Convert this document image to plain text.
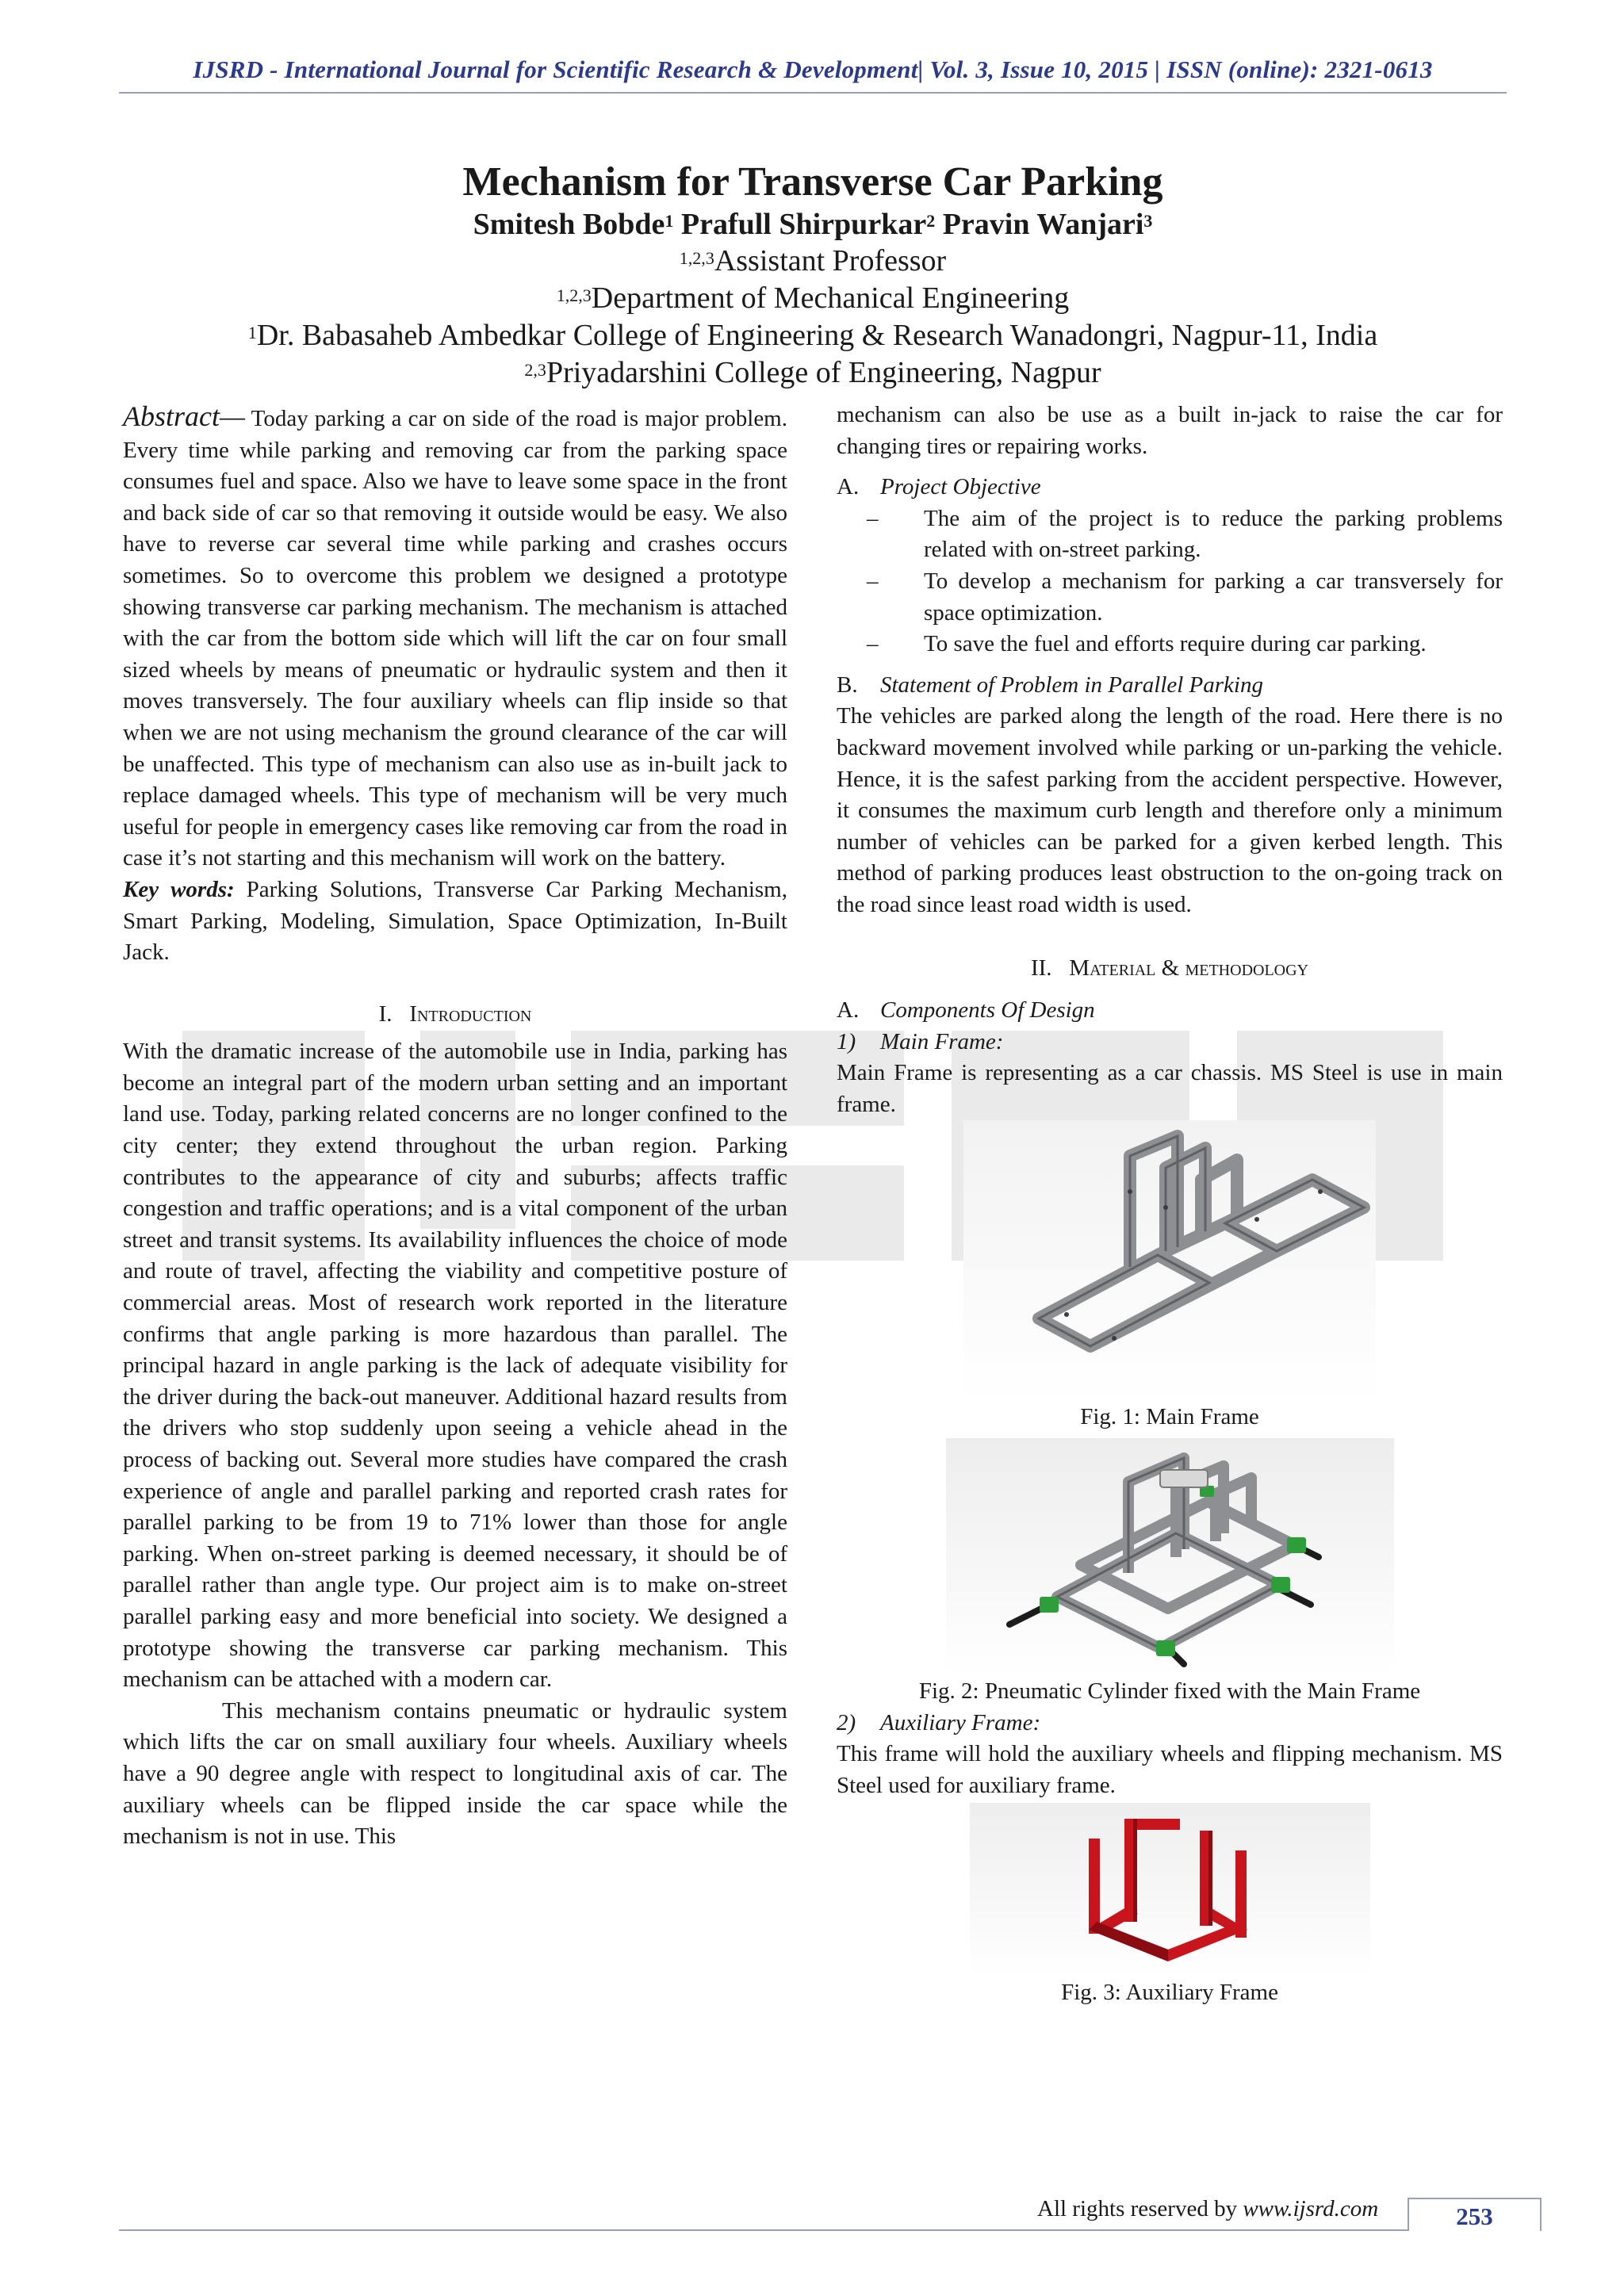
IJSRD - International Journal for Scientific Research & Development| Vol. 3, Issue 10, 2015 | ISSN (online): 2321-0613
Mechanism for Transverse Car Parking
Smitesh Bobde$^1$ Prafull Shirpurkar$^2$ Pravin Wanjari$^3$
$^{1,2,3}$Assistant Professor
$^{1,2,3}$Department of Mechanical Engineering
$^1$Dr. Babasaheb Ambedkar College of Engineering & Research Wanadongri, Nagpur-11, India
$^{2,3}$Priyadarshini College of Engineering, Nagpur

Abstract— Today parking a car on side of the road is major problem. Every time while parking and removing car from the parking space consumes fuel and space. Also we have to leave some space in the front and back side of car so that removing it outside would be easy. We also have to reverse car several time while parking and crashes occurs sometimes. So to overcome this problem we designed a prototype showing transverse car parking mechanism. The mechanism is attached with the car from the bottom side which will lift the car on four small sized wheels by means of pneumatic or hydraulic system and then it moves transversely. The four auxiliary wheels can flip inside so that when we are not using mechanism the ground clearance of the car will be unaffected. This type of mechanism can also use as in-built jack to replace damaged wheels. This type of mechanism will be very much useful for people in emergency cases like removing car from the road in case it’s not starting and this mechanism will work on the battery.

Key words: Parking Solutions, Transverse Car Parking Mechanism, Smart Parking, Modeling, Simulation, Space Optimization, In-Built Jack.

I. Introduction

With the dramatic increase of the automobile use in India, parking has become an integral part of the modern urban setting and an important land use. Today, parking related concerns are no longer confined to the city center; they extend throughout the urban region. Parking contributes to the appearance of city and suburbs; affects traffic congestion and traffic operations; and is a vital component of the urban street and transit systems. Its availability influences the choice of mode and route of travel, affecting the viability and competitive posture of commercial areas. Most of research work reported in the literature confirms that angle parking is more hazardous than parallel. The principal hazard in angle parking is the lack of adequate visibility for the driver during the back-out maneuver. Additional hazard results from the drivers who stop suddenly upon seeing a vehicle ahead in the process of backing out. Several more studies have compared the crash experience of angle and parallel parking and reported crash rates for parallel parking to be from 19 to 71% lower than those for angle parking. When on-street parking is deemed necessary, it should be of parallel rather than angle type. Our project aim is to make on-street parallel parking easy and more beneficial into society. We designed a prototype showing the transverse car parking mechanism. This mechanism can be attached with a modern car.

This mechanism contains pneumatic or hydraulic system which lifts the car on small auxiliary four wheels. Auxiliary wheels have a 90 degree angle with respect to longitudinal axis of car. The auxiliary wheels can be flipped inside the car space while the mechanism is not in use. This

mechanism can also be use as a built in-jack to raise the car for changing tires or repairing works.

A. Project Objective

–	The aim of the project is to reduce the parking problems related with on-street parking.
–	To develop a mechanism for parking a car transversely for space optimization.
–	To save the fuel and efforts require during car parking.

B. Statement of Problem in Parallel Parking

The vehicles are parked along the length of the road. Here there is no backward movement involved while parking or un-parking the vehicle. Hence, it is the safest parking from the accident perspective. However, it consumes the maximum curb length and therefore only a minimum number of vehicles can be parked for a given kerbed length. This method of parking produces least obstruction to the on-going track on the road since least road width is used.

II. Material & methodology

A. Components Of Design

1) Main Frame:

Main Frame is representing as a car chassis. MS Steel is use in main frame.

Fig. 1: Main Frame

Fig. 2: Pneumatic Cylinder fixed with the Main Frame

2) Auxiliary Frame:

This frame will hold the auxiliary wheels and flipping mechanism. MS Steel used for auxiliary frame.

Fig. 3: Auxiliary Frame

All rights reserved by www.ijsrd.com	253
